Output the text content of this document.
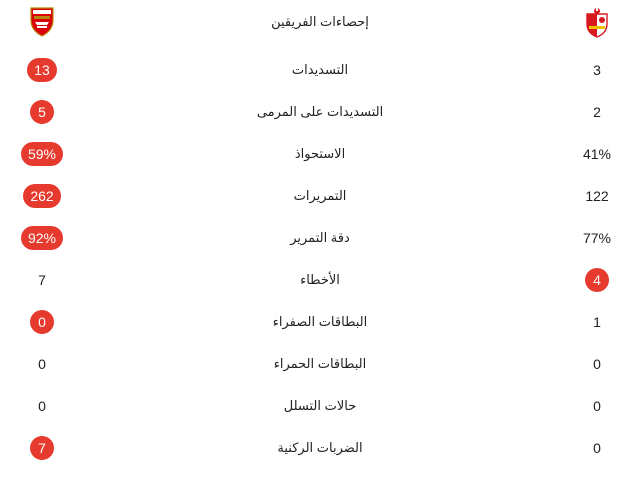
إحصاءات الفريقين
13	التسديدات	3
5	التسديدات على المرمى	2
59%	الاستحواذ	41%
262	التمريرات	122
92%	دقة التمرير	77%
7	الأخطاء	4
0	البطاقات الصفراء	1
0	البطاقات الحمراء	0
0	حالات التسلل	0
7	الضربات الركنية	0
